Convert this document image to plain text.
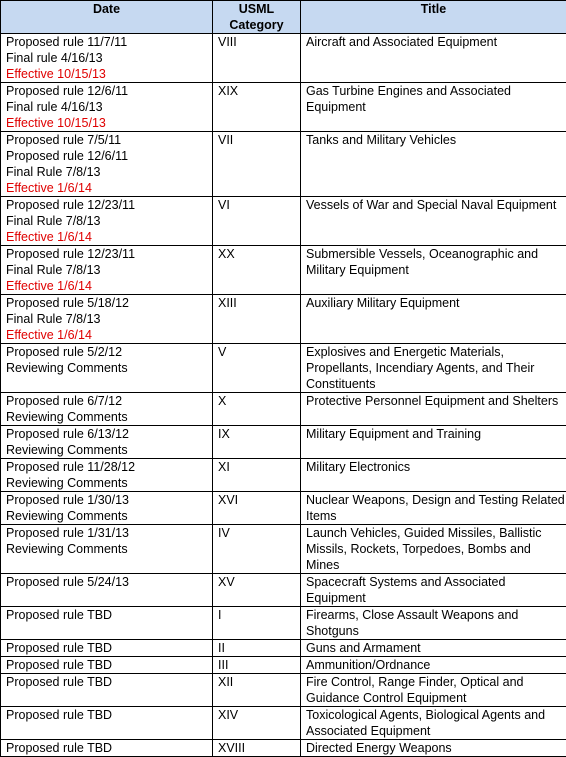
Date	USML Category	Title

Proposed rule 11/7/11
Final rule 4/16/13
Effective 10/15/13	VIII	Aircraft and Associated Equipment

Proposed rule 12/6/11
Final rule 4/16/13
Effective 10/15/13	XIX	Gas Turbine Engines and Associated Equipment

Proposed rule 7/5/11
Proposed rule 12/6/11
Final Rule 7/8/13
Effective 1/6/14	VII	Tanks and Military Vehicles

Proposed rule 12/23/11
Final Rule 7/8/13
Effective 1/6/14	VI	Vessels of War and Special Naval Equipment

Proposed rule 12/23/11
Final Rule 7/8/13
Effective 1/6/14	XX	Submersible Vessels, Oceanographic and Military Equipment

Proposed rule 5/18/12
Final Rule 7/8/13
Effective 1/6/14	XIII	Auxiliary Military Equipment

Proposed rule 5/2/12
Reviewing Comments	V	Explosives and Energetic Materials, Propellants, Incendiary Agents, and Their Constituents

Proposed rule 6/7/12
Reviewing Comments	X	Protective Personnel Equipment and Shelters

Proposed rule 6/13/12
Reviewing Comments	IX	Military Equipment and Training

Proposed rule 11/28/12
Reviewing Comments	XI	Military Electronics

Proposed rule 1/30/13
Reviewing Comments	XVI	Nuclear Weapons, Design and Testing Related Items

Proposed rule 1/31/13
Reviewing Comments	IV	Launch Vehicles, Guided Missiles, Ballistic Missils, Rockets, Torpedoes, Bombs and Mines

Proposed rule 5/24/13	XV	Spacecraft Systems and Associated Equipment

Proposed rule TBD	I	Firearms, Close Assault Weapons and Shotguns

Proposed rule TBD	II	Guns and Armament

Proposed rule TBD	III	Ammunition/Ordnance

Proposed rule TBD	XII	Fire Control, Range Finder, Optical and Guidance Control Equipment

Proposed rule TBD	XIV	Toxicological Agents, Biological Agents and Associated Equipment

Proposed rule TBD	XVIII	Directed Energy Weapons
